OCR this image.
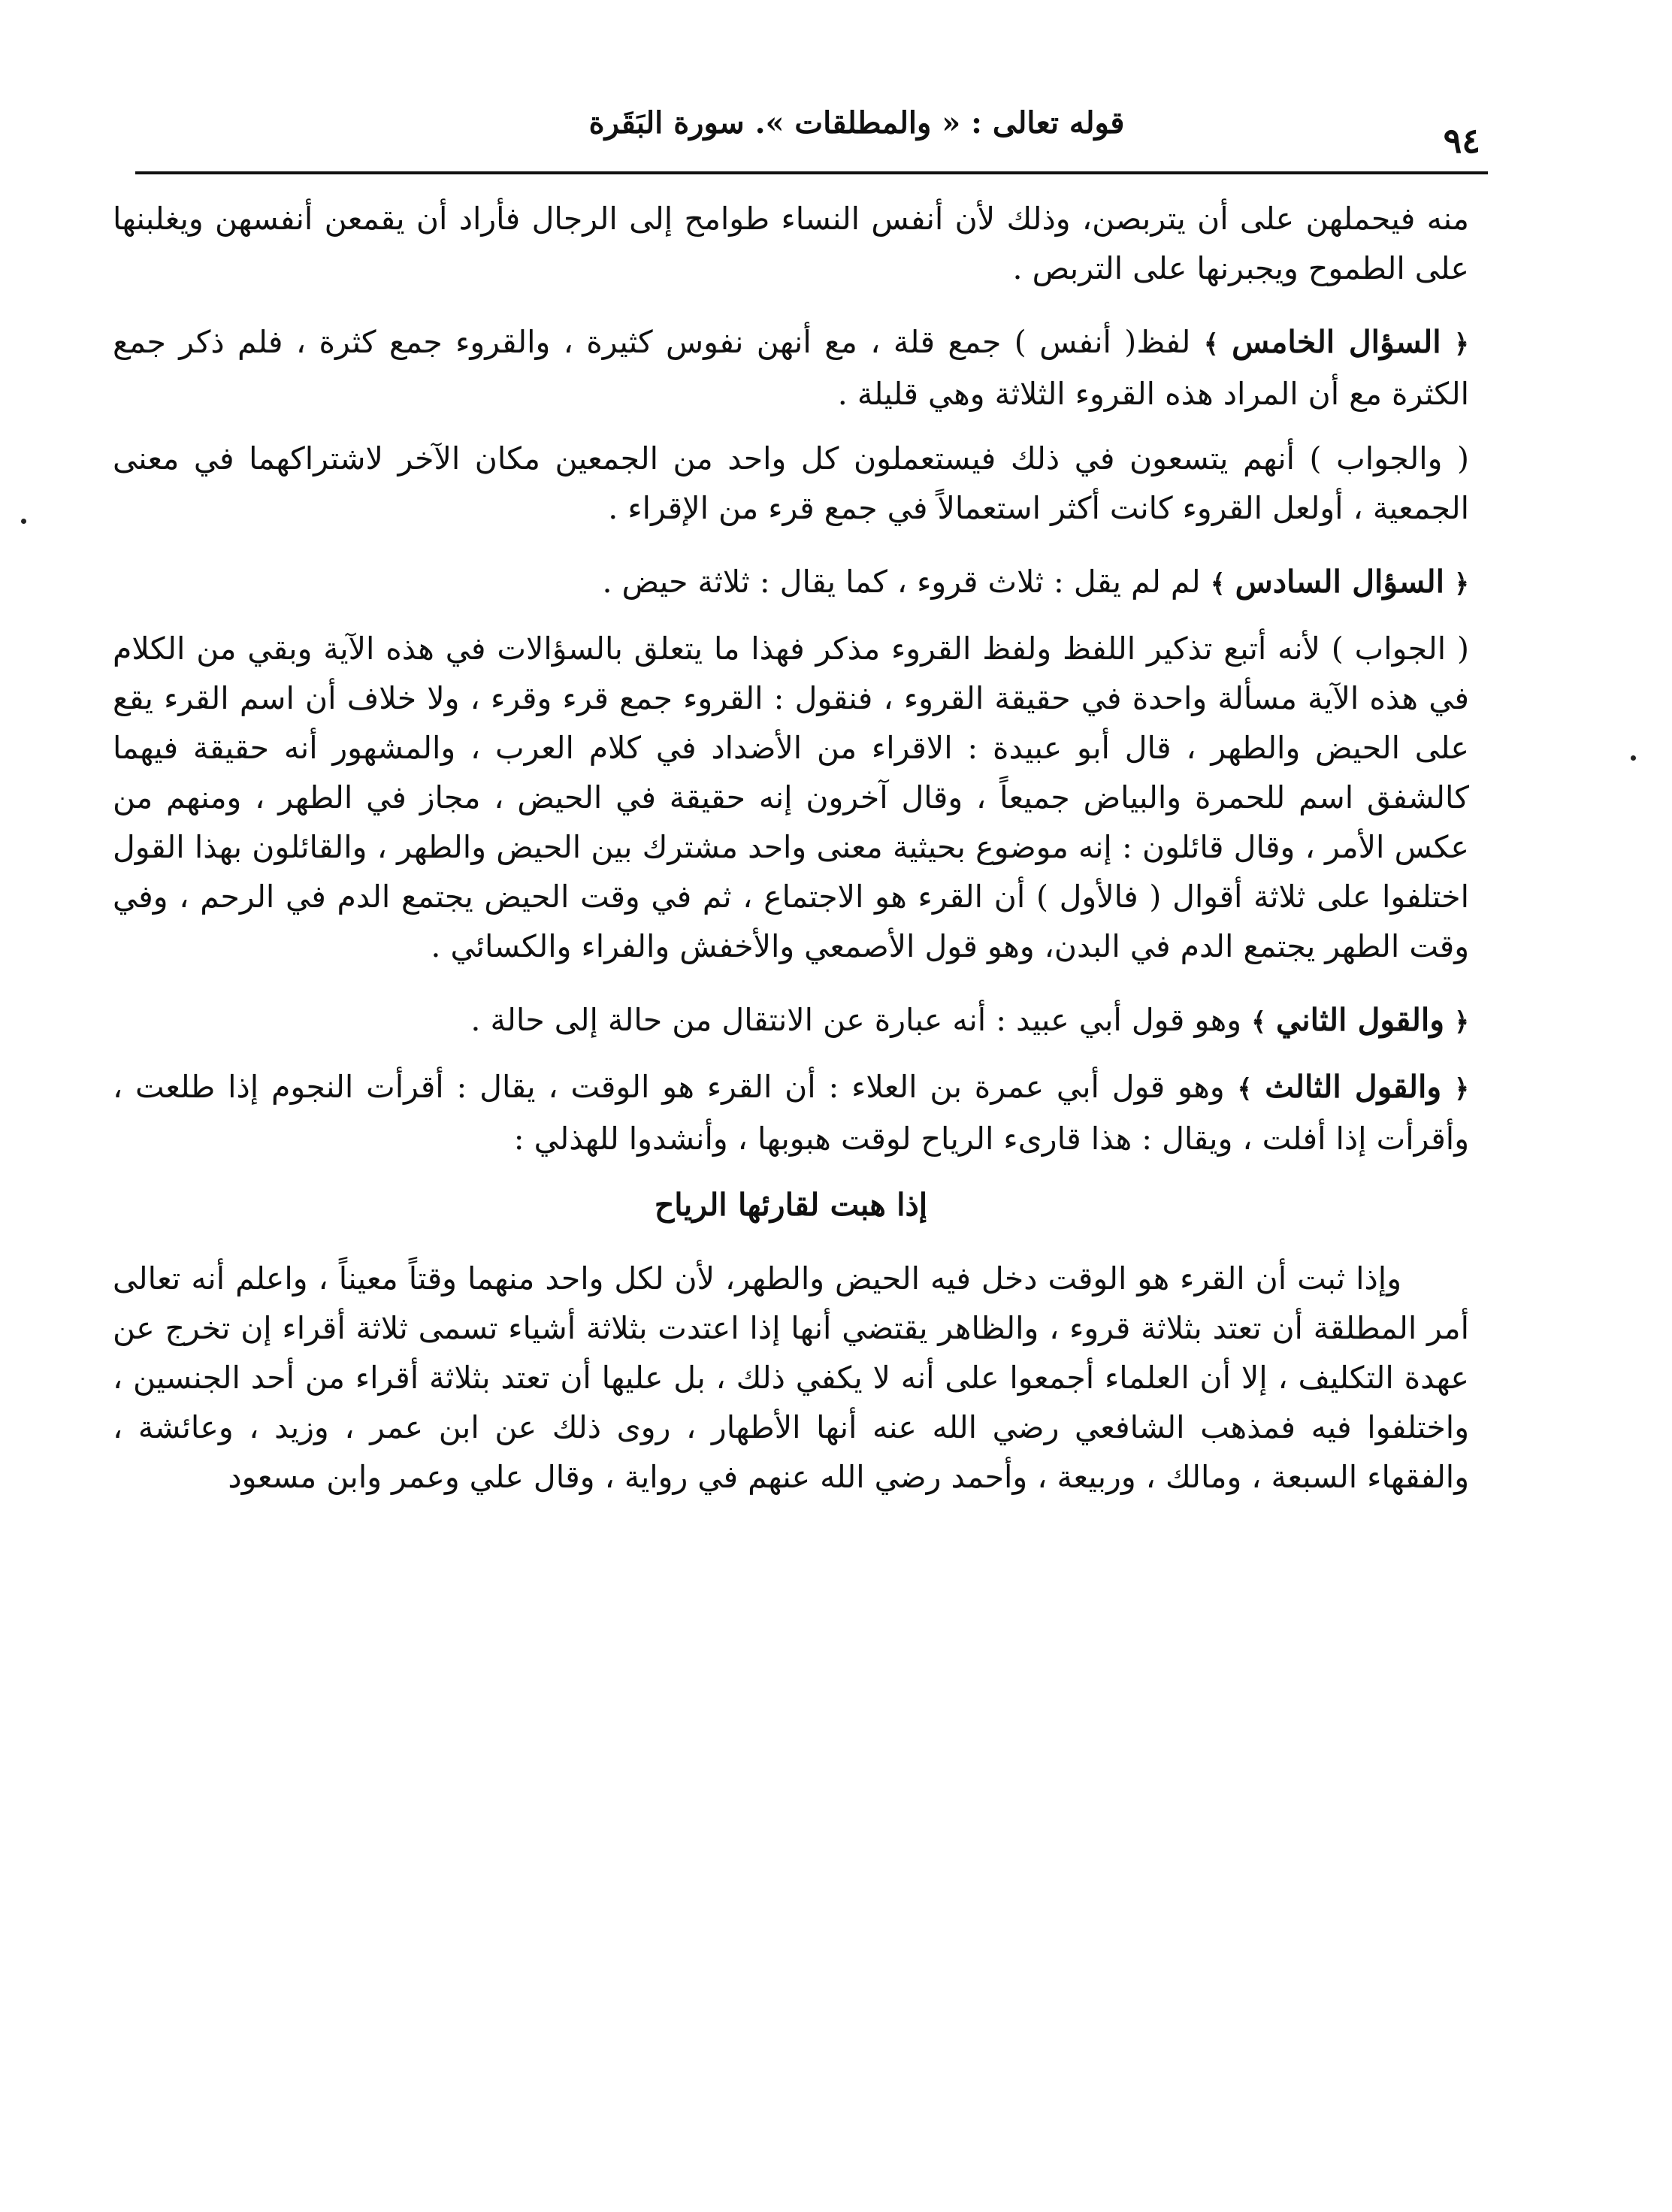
قوله تعالى : « والمطلقات ». سورة البَقَرة	٩٤

منه فيحملهن على أن يتربصن، وذلك لأن أنفس النساء طوامح إلى الرجال فأراد أن يقمعن أنفسهن ويغلبنها على الطموح ويجبرنها على التربص .

﴿ السؤال الخامس ﴾ لفظ( أنفس ) جمع قلة ، مع أنهن نفوس كثيرة ، والقروء جمع كثرة ، فلم ذكر جمع الكثرة مع أن المراد هذه القروء الثلاثة وهي قليلة .

( والجواب ) أنهم يتسعون في ذلك فيستعملون كل واحد من الجمعين مكان الآخر لاشتراكهما في معنى الجمعية ، أولعل القروء كانت أكثر استعمالاً في جمع قرء من الإقراء .

﴿ السؤال السادس ﴾ لم لم يقل : ثلاث قروء ، كما يقال : ثلاثة حيض .

( الجواب ) لأنه أتبع تذكير اللفظ ولفظ القروء مذكر فهذا ما يتعلق بالسؤالات في هذه الآية وبقي من الكلام في هذه الآية مسألة واحدة في حقيقة القروء ، فنقول : القروء جمع قرء وقرء ، ولا خلاف أن اسم القرء يقع على الحيض والطهر ، قال أبو عبيدة : الاقراء من الأضداد في كلام العرب ، والمشهور أنه حقيقة فيهما كالشفق اسم للحمرة والبياض جميعاً ، وقال آخرون إنه حقيقة في الحيض ، مجاز في الطهر ، ومنهم من عكس الأمر ، وقال قائلون : إنه موضوع بحيثية معنى واحد مشترك بين الحيض والطهر ، والقائلون بهذا القول اختلفوا على ثلاثة أقوال ( فالأول ) أن القرء هو الاجتماع ، ثم في وقت الحيض يجتمع الدم في الرحم ، وفي وقت الطهر يجتمع الدم في البدن، وهو قول الأصمعي والأخفش والفراء والكسائي .

﴿ والقول الثاني ﴾ وهو قول أبي عبيد : أنه عبارة عن الانتقال من حالة إلى حالة .

﴿ والقول الثالث ﴾ وهو قول أبي عمرة بن العلاء : أن القرء هو الوقت ، يقال : أقرأت النجوم إذا طلعت ، وأقرأت إذا أفلت ، ويقال : هذا قارىء الرياح لوقت هبوبها ، وأنشدوا للهذلي :

إذا هبت لقارئها الرياح

وإذا ثبت أن القرء هو الوقت دخل فيه الحيض والطهر، لأن لكل واحد منهما وقتاً معيناً ، واعلم أنه تعالى أمر المطلقة أن تعتد بثلاثة قروء ، والظاهر يقتضي أنها إذا اعتدت بثلاثة أشياء تسمى ثلاثة أقراء إن تخرج عن عهدة التكليف ، إلا أن العلماء أجمعوا على أنه لا يكفي ذلك ، بل عليها أن تعتد بثلاثة أقراء من أحد الجنسين ، واختلفوا فيه فمذهب الشافعي رضي الله عنه أنها الأطهار ، روى ذلك عن ابن عمر ، وزيد ، وعائشة ، والفقهاء السبعة ، ومالك ، وربيعة ، وأحمد رضي الله عنهم في رواية ، وقال علي وعمر وابن مسعود
